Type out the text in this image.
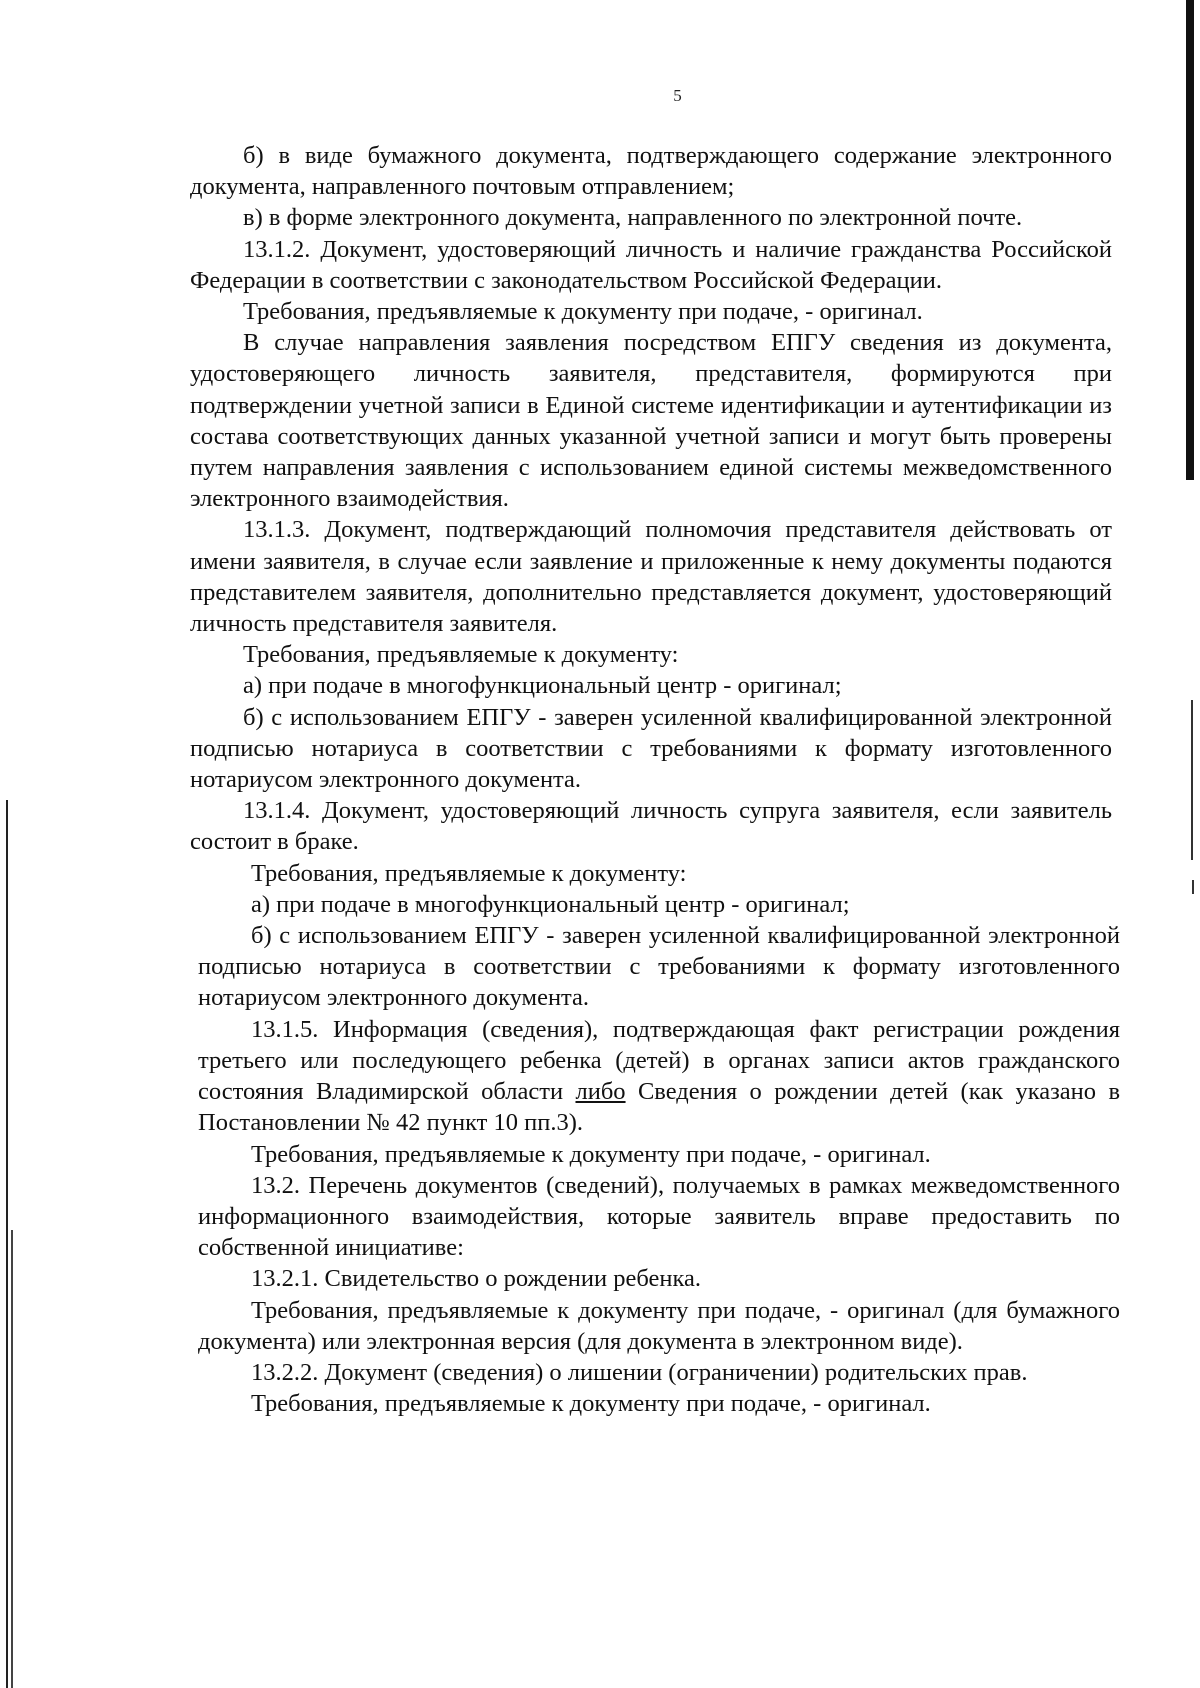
5

б) в виде бумажного документа, подтверждающего содержание электронного документа, направленного почтовым отправлением;

в) в форме электронного документа, направленного по электронной почте.

13.1.2. Документ, удостоверяющий личность и наличие гражданства Российской Федерации в соответствии с законодательством Российской Федерации.

Требования, предъявляемые к документу при подаче, - оригинал.

В случае направления заявления посредством ЕПГУ сведения из документа, удостоверяющего личность заявителя, представителя, формируются при подтверждении учетной записи в Единой системе идентификации и аутентификации из состава соответствующих данных указанной учетной записи и могут быть проверены путем направления заявления с использованием единой системы межведомственного электронного взаимодействия.

13.1.3. Документ, подтверждающий полномочия представителя действовать от имени заявителя, в случае если заявление и приложенные к нему документы подаются представителем заявителя, дополнительно представляется документ, удостоверяющий личность представителя заявителя.

Требования, предъявляемые к документу:

а) при подаче в многофункциональный центр - оригинал;

б) с использованием ЕПГУ - заверен усиленной квалифицированной электронной подписью нотариуса в соответствии с требованиями к формату изготовленного нотариусом электронного документа.

13.1.4. Документ, удостоверяющий личность супруга заявителя, если заявитель состоит в браке.

Требования, предъявляемые к документу:

а) при подаче в многофункциональный центр - оригинал;

б) с использованием ЕПГУ - заверен усиленной квалифицированной электронной подписью нотариуса в соответствии с требованиями к формату изготовленного нотариусом электронного документа.

13.1.5. Информация (сведения), подтверждающая факт регистрации рождения третьего или последующего ребенка (детей) в органах записи актов гражданского состояния Владимирской области либо Сведения о рождении детей (как указано в Постановлении № 42 пункт 10 пп.3).

Требования, предъявляемые к документу при подаче, - оригинал.

13.2. Перечень документов (сведений), получаемых в рамках межведомственного информационного взаимодействия, которые заявитель вправе предоставить по собственной инициативе:

13.2.1. Свидетельство о рождении ребенка.

Требования, предъявляемые к документу при подаче, - оригинал (для бумажного документа) или электронная версия (для документа в электронном виде).

13.2.2. Документ (сведения) о лишении (ограничении) родительских прав.

Требования, предъявляемые к документу при подаче, - оригинал.
